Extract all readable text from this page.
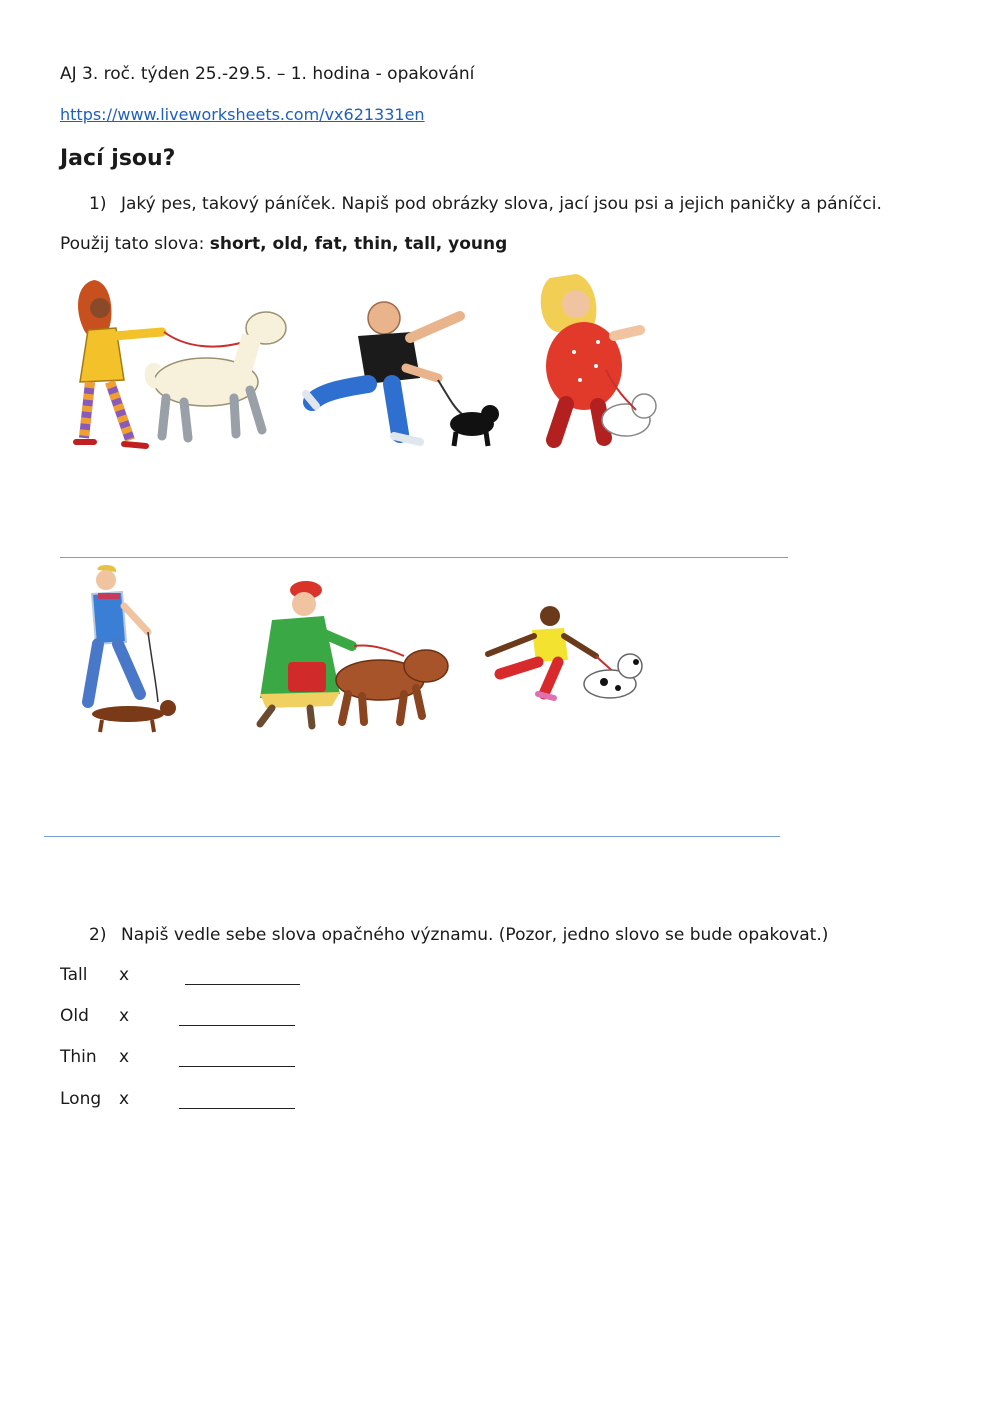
AJ 3. roč. týden 25.-29.5. – 1. hodina - opakování
https://www.liveworksheets.com/vx621331en
Jací jsou?
1) Jaký pes, takový páníček. Napiš pod obrázky slova, jací jsou psi a jejich paničky a páníčci.
Použij tato slova: short, old, fat, thin, tall, young
2) Napiš vedle sebe slova opačného významu. (Pozor, jedno slovo se bude opakovat.)
Tall x
Old x
Thin x
Long x
